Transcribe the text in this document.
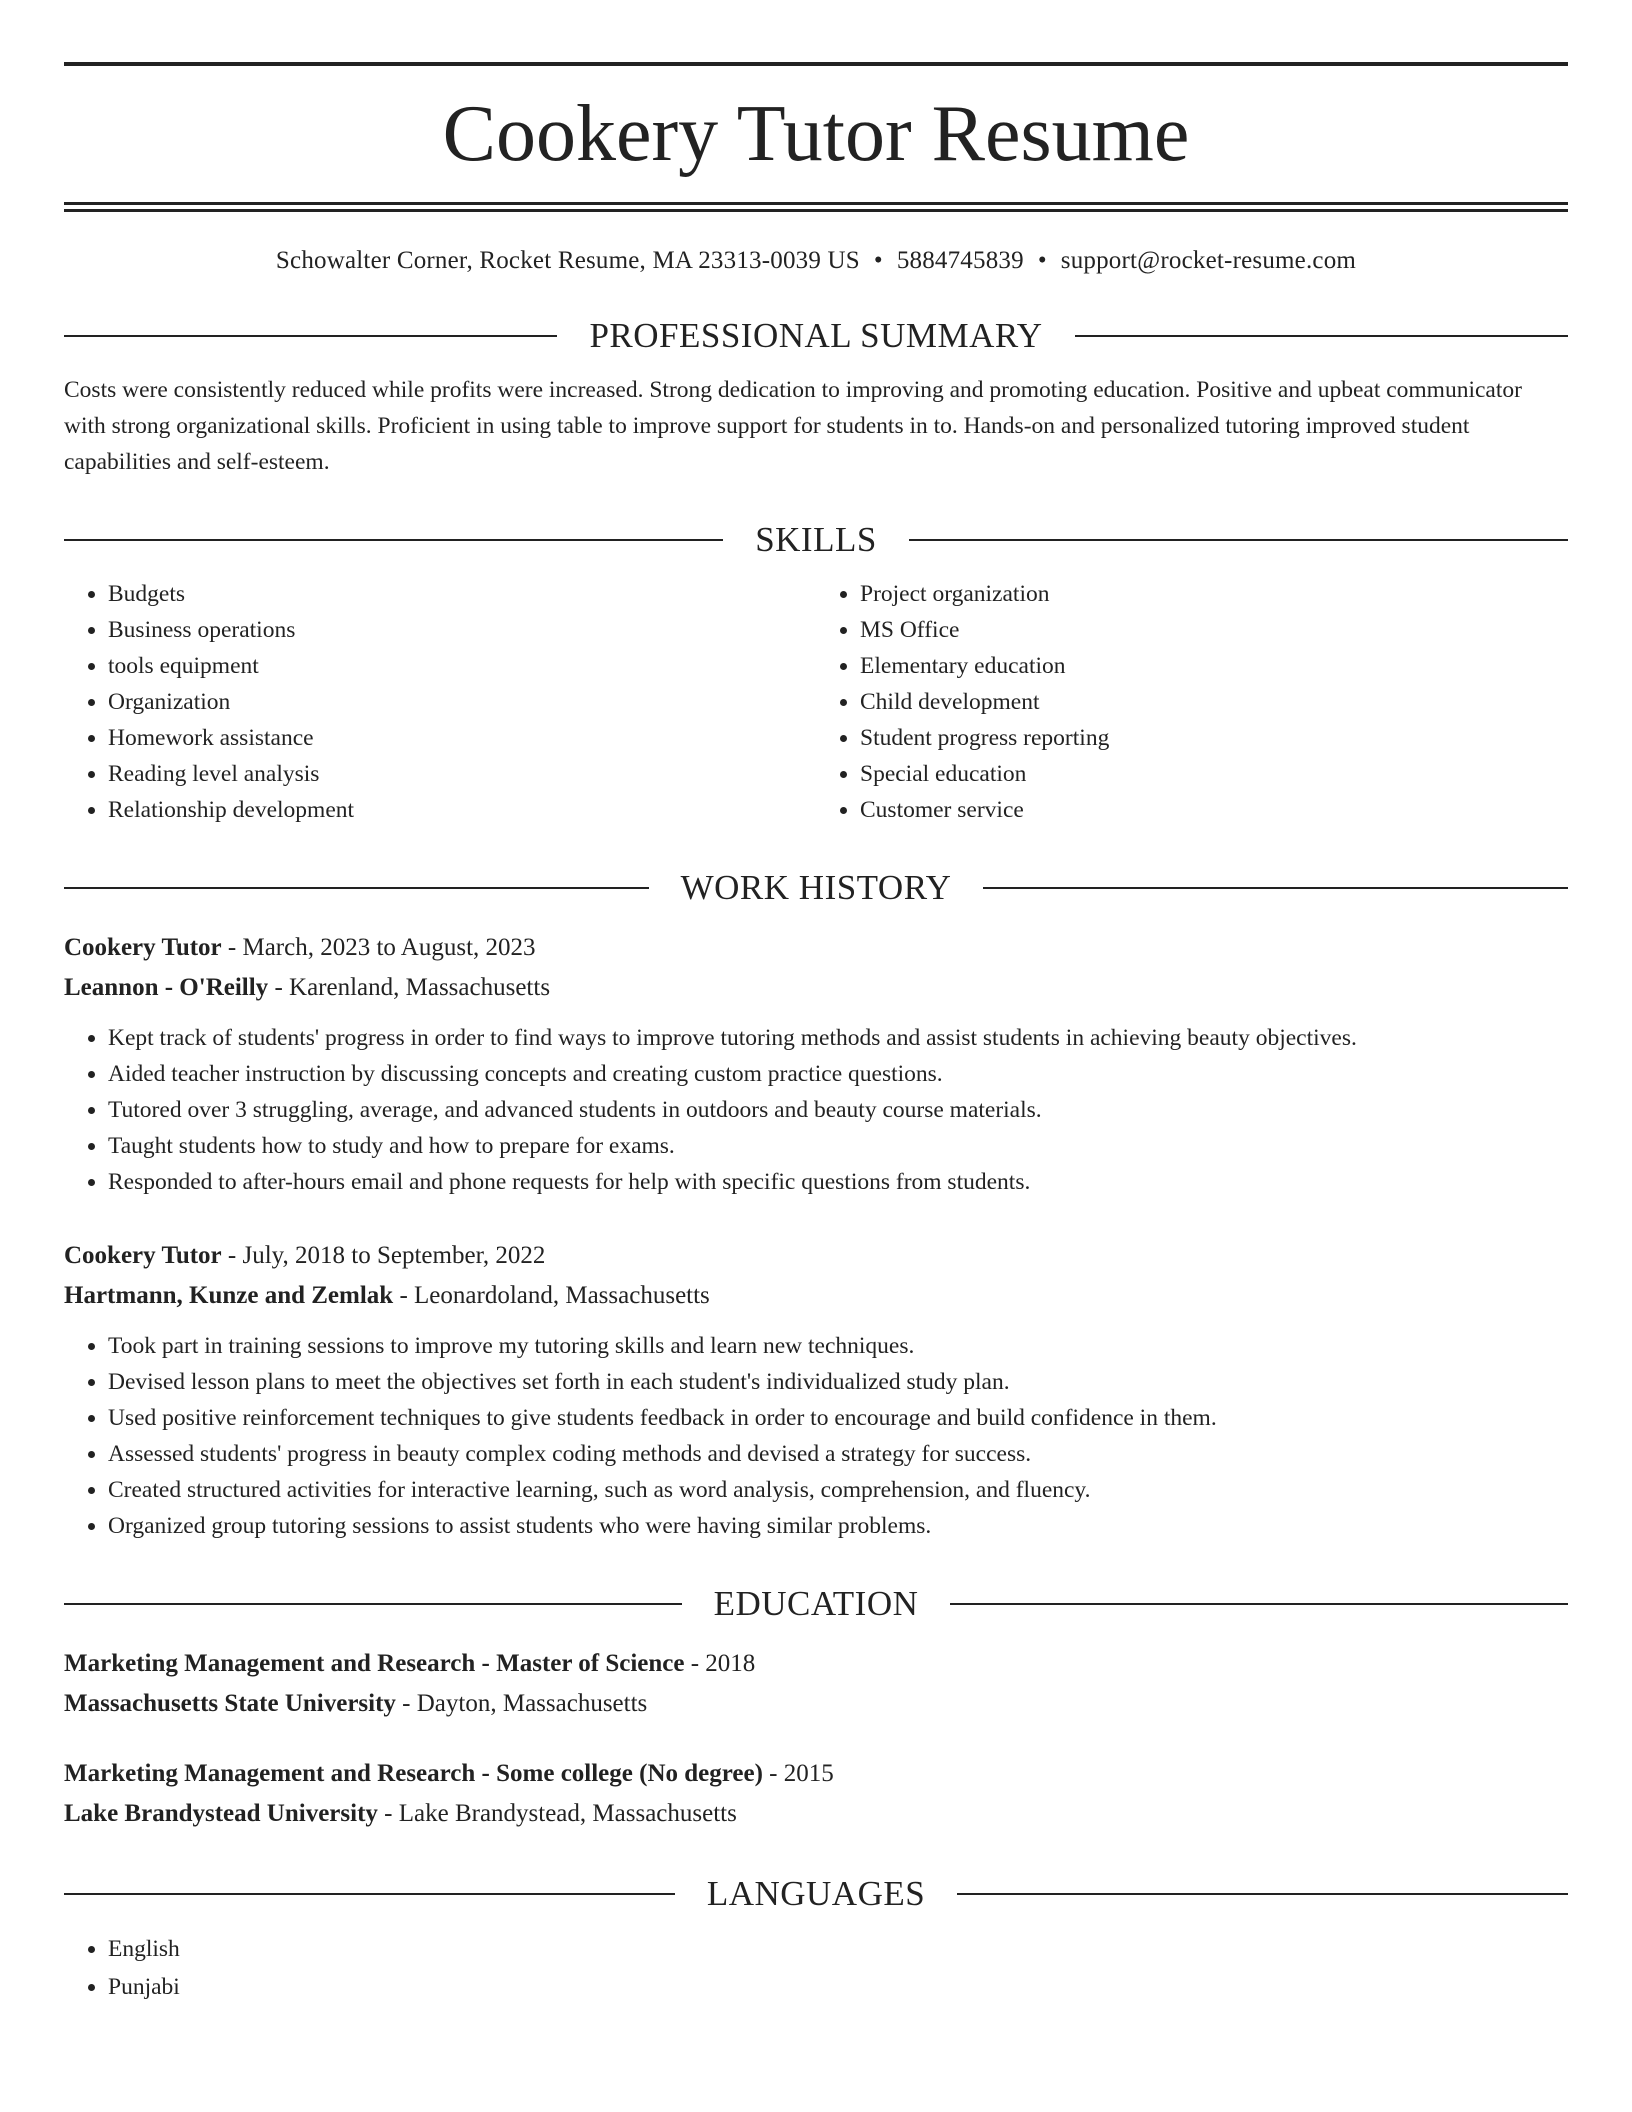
Cookery Tutor Resume
Schowalter Corner, Rocket Resume, MA 23313-0039 US • 5884745839 • support@rocket-resume.com
PROFESSIONAL SUMMARY
Costs were consistently reduced while profits were increased. Strong dedication to improving and promoting education. Positive and upbeat communicator with strong organizational skills. Proficient in using table to improve support for students in to. Hands-on and personalized tutoring improved student capabilities and self-esteem.
SKILLS
• Budgets
• Business operations
• tools equipment
• Organization
• Homework assistance
• Reading level analysis
• Relationship development
• Project organization
• MS Office
• Elementary education
• Child development
• Student progress reporting
• Special education
• Customer service
WORK HISTORY
Cookery Tutor - March, 2023 to August, 2023
Leannon - O'Reilly - Karenland, Massachusetts
• Kept track of students' progress in order to find ways to improve tutoring methods and assist students in achieving beauty objectives.
• Aided teacher instruction by discussing concepts and creating custom practice questions.
• Tutored over 3 struggling, average, and advanced students in outdoors and beauty course materials.
• Taught students how to study and how to prepare for exams.
• Responded to after-hours email and phone requests for help with specific questions from students.
Cookery Tutor - July, 2018 to September, 2022
Hartmann, Kunze and Zemlak - Leonardoland, Massachusetts
• Took part in training sessions to improve my tutoring skills and learn new techniques.
• Devised lesson plans to meet the objectives set forth in each student's individualized study plan.
• Used positive reinforcement techniques to give students feedback in order to encourage and build confidence in them.
• Assessed students' progress in beauty complex coding methods and devised a strategy for success.
• Created structured activities for interactive learning, such as word analysis, comprehension, and fluency.
• Organized group tutoring sessions to assist students who were having similar problems.
EDUCATION
Marketing Management and Research - Master of Science - 2018
Massachusetts State University - Dayton, Massachusetts
Marketing Management and Research - Some college (No degree) - 2015
Lake Brandystead University - Lake Brandystead, Massachusetts
LANGUAGES
• English
• Punjabi
